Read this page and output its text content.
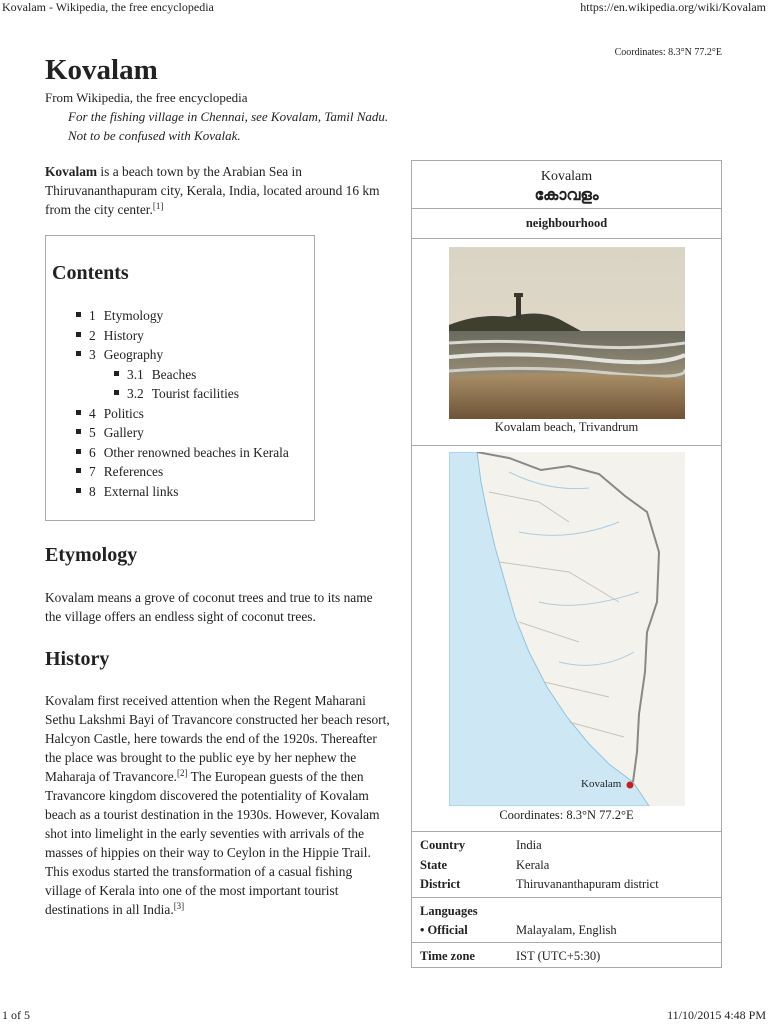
Kovalam - Wikipedia, the free encyclopedia	https://en.wikipedia.org/wiki/Kovalam
1 of 5	11/10/2015 4:48 PM
Coordinates: 8.3°N 77.2°E
Kovalam
From Wikipedia, the free encyclopedia
For the fishing village in Chennai, see Kovalam, Tamil Nadu.
Not to be confused with Kovalak.

Kovalam is a beach town by the Arabian Sea in Thiruvananthapuram city, Kerala, India, located around 16 km from the city center.[1]

Contents
1 Etymology
2 History
3 Geography
3.1 Beaches
3.2 Tourist facilities
4 Politics
5 Gallery
6 Other renowned beaches in Kerala
7 References
8 External links
Etymology

Kovalam means a grove of coconut trees and true to its name the village offers an endless sight of coconut trees.

History

Kovalam first received attention when the Regent Maharani Sethu Lakshmi Bayi of Travancore constructed her beach resort, Halcyon Castle, here towards the end of the 1920s. Thereafter the place was brought to the public eye by her nephew the Maharaja of Travancore.[2] The European guests of the then Travancore kingdom discovered the potentiality of Kovalam beach as a tourist destination in the 1930s. However, Kovalam shot into limelight in the early seventies with arrivals of the masses of hippies on their way to Ceylon in the Hippie Trail. This exodus started the transformation of a casual fishing village of Kerala into one of the most important tourist destinations in all India.[3]

Kovalam
കോവളം
neighbourhood
Kovalam beach, Trivandrum
Kovalam
Coordinates: 8.3°N 77.2°E
Country	India
State	Kerala
District	Thiruvananthapuram district
Languages
• Official	Malayalam, English
Time zone	IST (UTC+5:30)
